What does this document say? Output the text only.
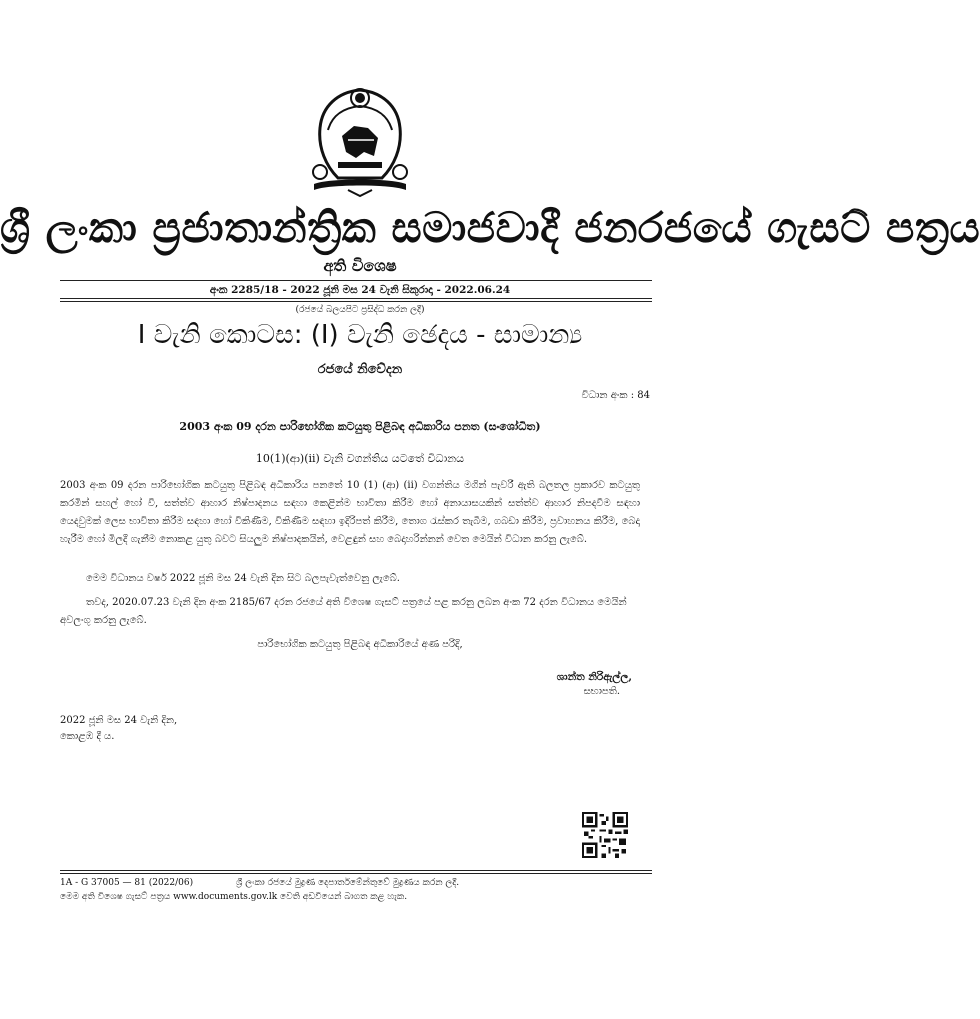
ශ්‍රී ලංකා ප්‍රජාතාන්ත්‍රික සමාජවාදී ජනරජයේ ගැසට් පත්‍රය
අති විශෙෂ
අංක 2285/18 - 2022 ජූනි මස 24 වැනි සිකුරාදා - 2022.06.24
(රජයේ බලයපිට ප්‍රසිද්ධ කරන ලදී)
I වැනි කොටස: (I) වැනි ඡෙදය - සාමාන්‍ය
රජයේ නිවේදන
විධාන අංක : 84
2003 අංක 09 දරන පාරිභෝගික කටයුතු පිළිබඳ අධිකාරිය පනත (සංශෝධිත)
10(1)(ආ)(ii) වැනි වගන්තිය යටතේ විධානය
2003 අංක 09 දරන පාරිභෝගික කටයුතු පිළිබඳ අධිකාරිය පනතේ 10 (1) (ආ) (ii) වගන්තිය මගින් පැවරී ඇති බලතල ප්‍රකාරව කටයුතු කරමින් සහල් හෝ වී, සත්ත්ව ආහාර නිෂ්පාදනය සඳහා කෙළින්ම භාවිතා කිරීම හෝ අනායාසයකින් සත්ත්ව ආහාර නිපදවීම සඳහා යෙදවුමක් ලෙස භාවිතා කිරීම සඳහා හෝ විකිණීම, විකිණීම සඳහා ඉදිරිපත් කිරීම, තොග රැස්කර තැබීම, ගබඩා කිරීම, ප්‍රවාහනය කිරීම, බෙදා හැරීම හෝ මිලදී ගැනීම නොකළ යුතු බවට සියලුම නිෂ්පාදකයින්, වෙළඳුන් සහ බෙදාහරින්නන් වෙත මෙයින් විධාන කරනු ලැබේ.
මෙම විධානය වර්ෂ 2022 ජූනි මස 24 වැනි දින සිට බලපැවැත්වෙනු ලැබේ.
තවද, 2020.07.23 වැනි දින අංක 2185/67 දරන රජයේ අති විශෙෂ ගැසට් පත්‍රයේ පළ කරනු ලබන අංක 72 දරන විධානය මෙයින් අවලංගු කරනු ලැබේ.
පාරිභෝගික කටයුතු පිළිබඳ අධිකාරියේ අණ පරිදි,
ශාන්ත නිරිඇල්ල,
සභාපති.
2022 ජූනි මස 24 වැනි දින,
කොළඹ දී ය.
1A - G 37005 — 81 (2022/06)	ශ්‍රී ලංකා රජයේ මුද්‍රණ දෙපාර්තමේන්තුවේ මුද්‍රණය කරන ලදී.
මෙම අති විශෙෂ ගැසට් පත්‍රය www.documents.gov.lk වෙති අඩවියෙන් බාගත කළ හැක.
